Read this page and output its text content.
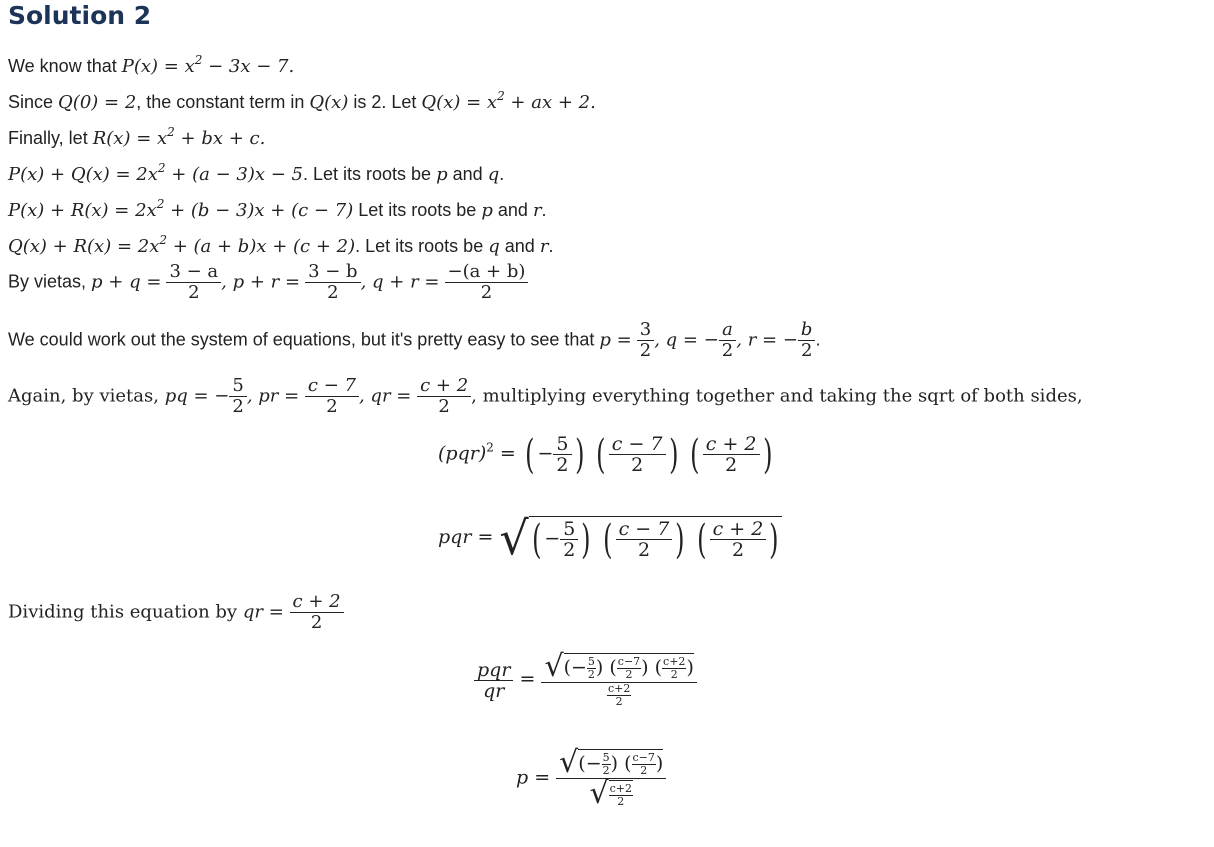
Solution 2
We know that $P(x) = x^2 - 3x - 7$.
Since Q(0) = 2, the constant term in Q(x) is 2. Let $Q(x) = x^2$ + ax + 2.
Finally, let $R(x) = x^2$ + bx + c.
$P(x) + Q(x) = 2x^2 + (a - 3)x - 5$. Let its roots be p and q.
$P(x) + R(x) = 2x^2 + (b - 3)x + (c - 7)$ Let its roots be p and r.
$Q(x) + R(x) = 2x^2 + (a + b)x + (c + 2)$. Let its roots be q and r.
By vietas, $p + q = \frac{3 - a}{2}$ , $p + r = \frac{3 - b}{2}$ , $q + r = \frac{-(a + b)}{2}$
We could work out the system of equations, but it's pretty easy to see that $p = \frac{3}{2}$ , q = − $\frac{a}{2}$ , r = − $\frac{b}{2}$ .
Again, by vietas, pq = − $\frac{5}{2}$ , pr = $\frac{c - 7}{2}$ , qr = $\frac{c + 2}{2}$ , multiplying everything together and taking the sqrt of both sides,
(pqr)$^2$ = ( − $\frac{5}{2}$ ) ( $\frac{c - 7}{2}$ ) ( $\frac{c + 2}{2}$ )
pqr = √( − $\frac{5}{2}$ ) ( $\frac{c - 7}{2}$ ) ( $\frac{c + 2}{2}$ )
Dividing this equation by qr = $\frac{c + 2}{2}$
$\frac{\text{pqr}}{qr} = \frac{√(- \frac{5}{2} ) ( \frac{c-7}{2} ) ( \frac{c+2}{2} )}{\frac{c+2}{2}}$
$p = \frac{√(- \frac{5}{2} ) ( \frac{c-7}{2} )}{√ \frac{c+2}{2}}$
